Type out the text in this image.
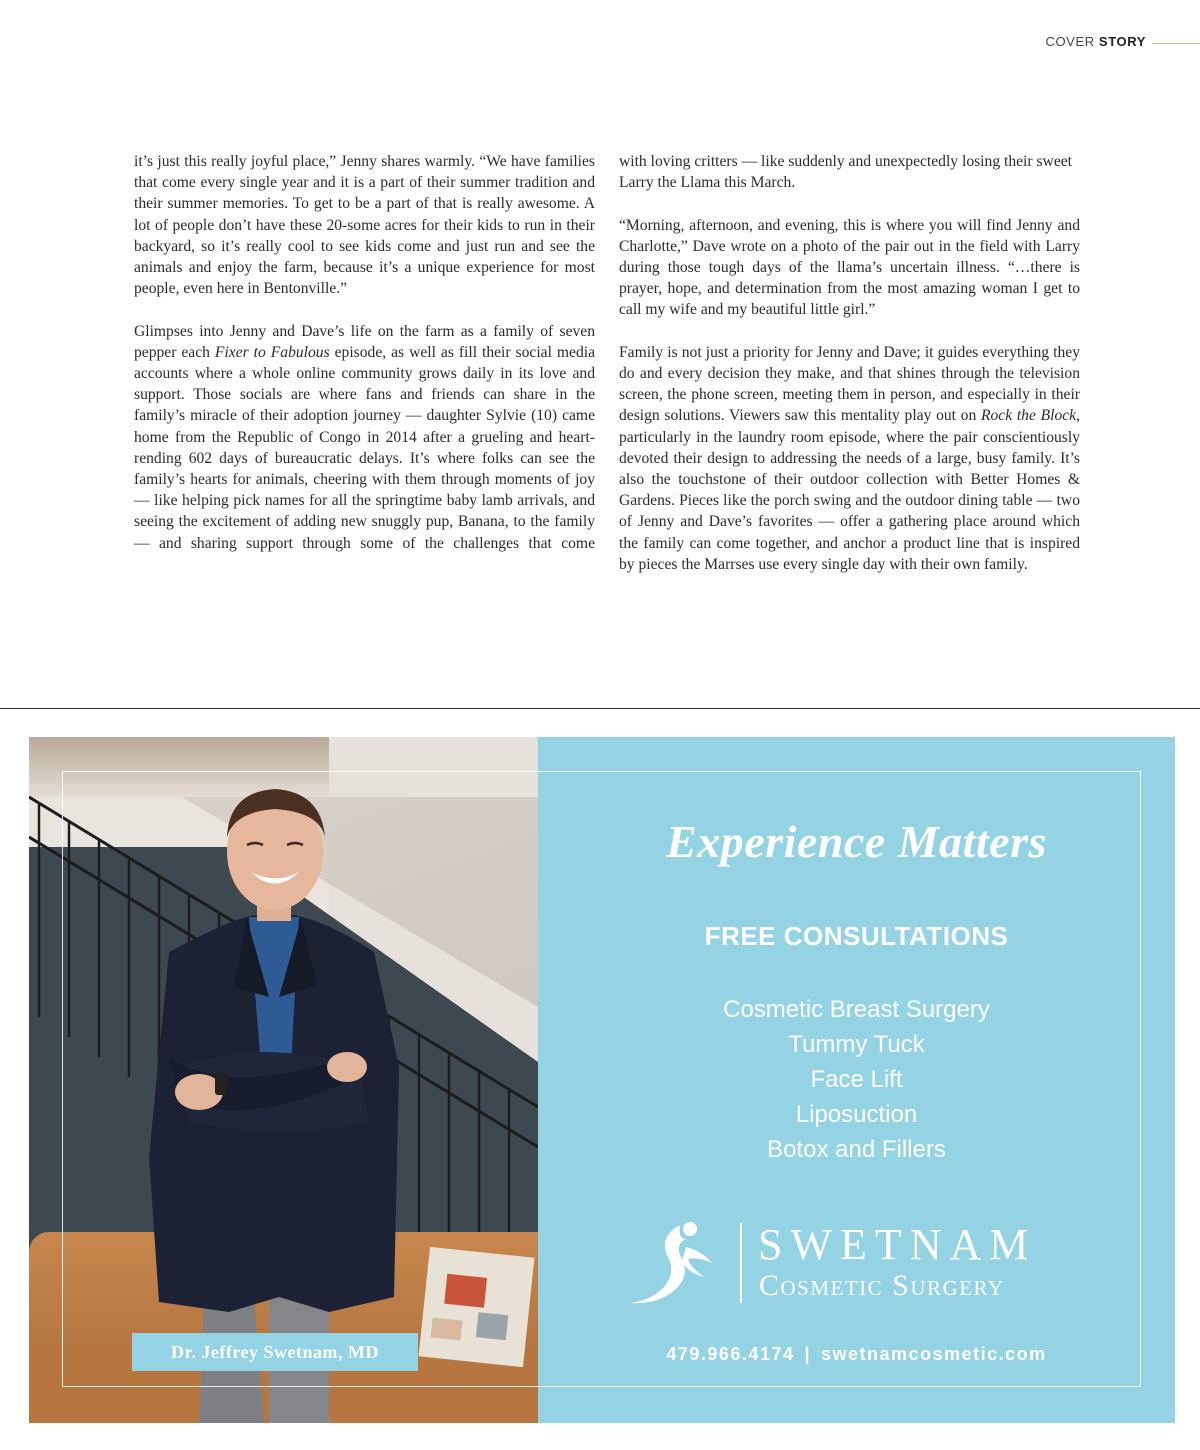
COVER STORY

it’s just this really joyful place,” Jenny shares warmly. “We have families that come every single year and it is a part of their summer tradition and their summer memories. To get to be a part of that is really awesome. A lot of people don’t have these 20-some acres for their kids to run in their backyard, so it’s really cool to see kids come and just run and see the animals and enjoy the farm, because it’s a unique experience for most people, even here in Bentonville.”

Glimpses into Jenny and Dave’s life on the farm as a family of seven pepper each Fixer to Fabulous episode, as well as fill their social media accounts where a whole online community grows daily in its love and support. Those socials are where fans and friends can share in the family’s miracle of their adoption journey — daughter Sylvie (10) came home from the Republic of Congo in 2014 after a grueling and heart-rending 602 days of bureaucratic delays. It’s where folks can see the family’s hearts for animals, cheering with them through moments of joy — like helping pick names for all the springtime baby lamb arrivals, and seeing the excitement of adding new snuggly pup, Banana, to the family — and sharing support through some of the challenges that come

with loving critters — like suddenly and unexpectedly losing their sweet Larry the Llama this March.

“Morning, afternoon, and evening, this is where you will find Jenny and Charlotte,” Dave wrote on a photo of the pair out in the field with Larry during those tough days of the llama’s uncertain illness. “…there is prayer, hope, and determination from the most amazing woman I get to call my wife and my beautiful little girl.”

Family is not just a priority for Jenny and Dave; it guides everything they do and every decision they make, and that shines through the television screen, the phone screen, meeting them in person, and especially in their design solutions. Viewers saw this mentality play out on Rock the Block, particularly in the laundry room episode, where the pair conscientiously devoted their design to addressing the needs of a large, busy family. It’s also the touchstone of their outdoor collection with Better Homes & Gardens. Pieces like the porch swing and the outdoor dining table — two of Jenny and Dave’s favorites — offer a gathering place around which the family can come together, and anchor a product line that is inspired by pieces the Marrses use every single day with their own family.

Dr. Jeffrey Swetnam, MD
Experience Matters
FREE CONSULTATIONS
Cosmetic Breast Surgery
Tummy Tuck
Face Lift
Liposuction
Botox and Fillers
SWETNAM
Cosmetic Surgery
479.966.4174 | swetnamcosmetic.com
